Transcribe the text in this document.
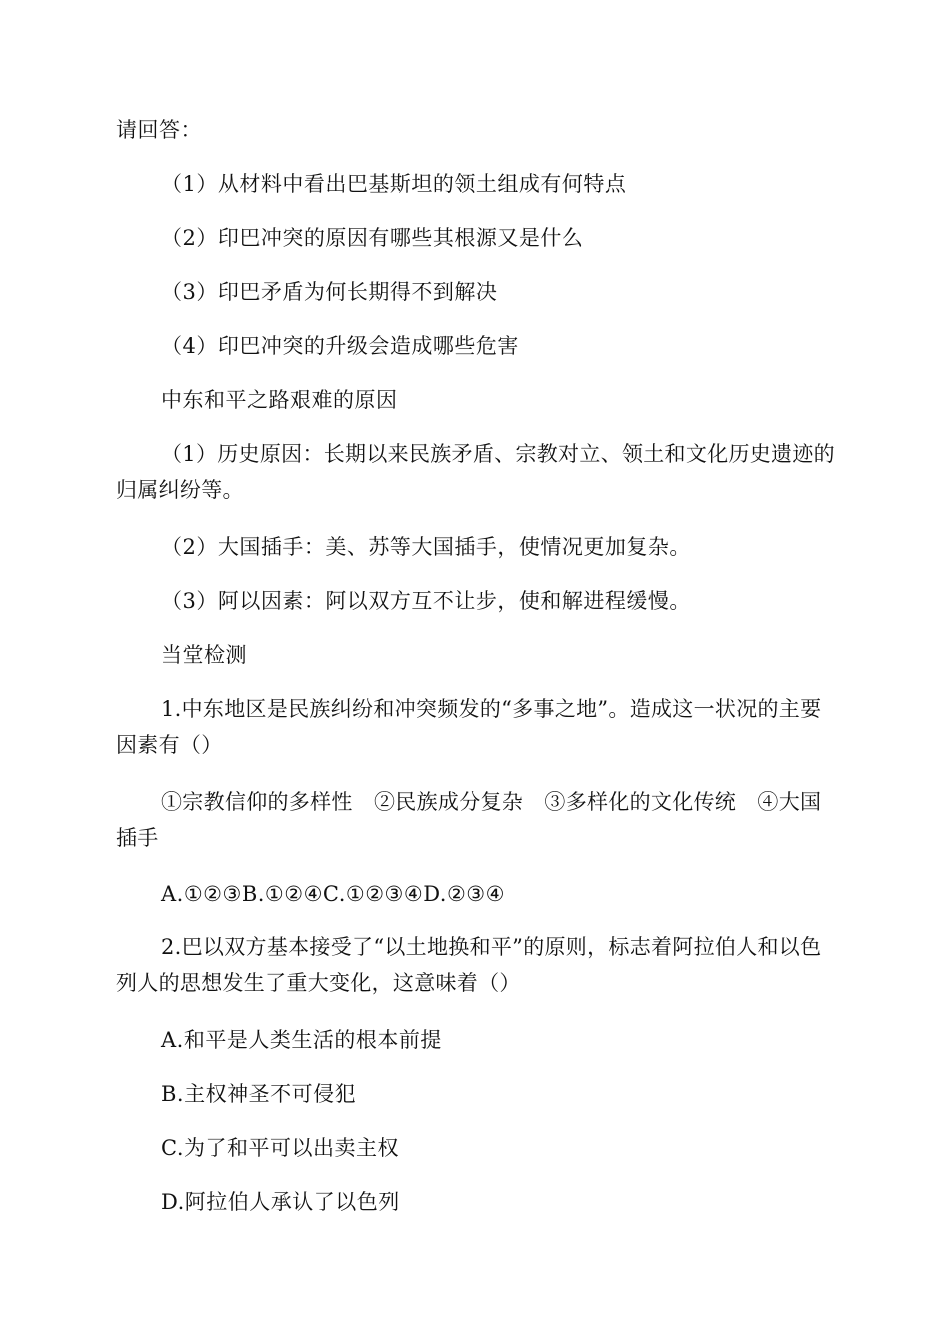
请回答：
（1）从材料中看出巴基斯坦的领土组成有何特点
（2）印巴冲突的原因有哪些其根源又是什么
（3）印巴矛盾为何长期得不到解决
（4）印巴冲突的升级会造成哪些危害
中东和平之路艰难的原因
（1）历史原因：长期以来民族矛盾、宗教对立、领土和文化历史遗迹的归属纠纷等。
（2）大国插手：美、苏等大国插手，使情况更加复杂。
（3）阿以因素：阿以双方互不让步，使和解进程缓慢。
当堂检测
1.中东地区是民族纠纷和冲突频发的“多事之地”。造成这一状况的主要因素有（）
①宗教信仰的多样性　②民族成分复杂　③多样化的文化传统　④大国插手
A.①②③B.①②④C.①②③④D.②③④
2.巴以双方基本接受了“以土地换和平”的原则，标志着阿拉伯人和以色列人的思想发生了重大变化，这意味着（）
A.和平是人类生活的根本前提
B.主权神圣不可侵犯
C.为了和平可以出卖主权
D.阿拉伯人承认了以色列
